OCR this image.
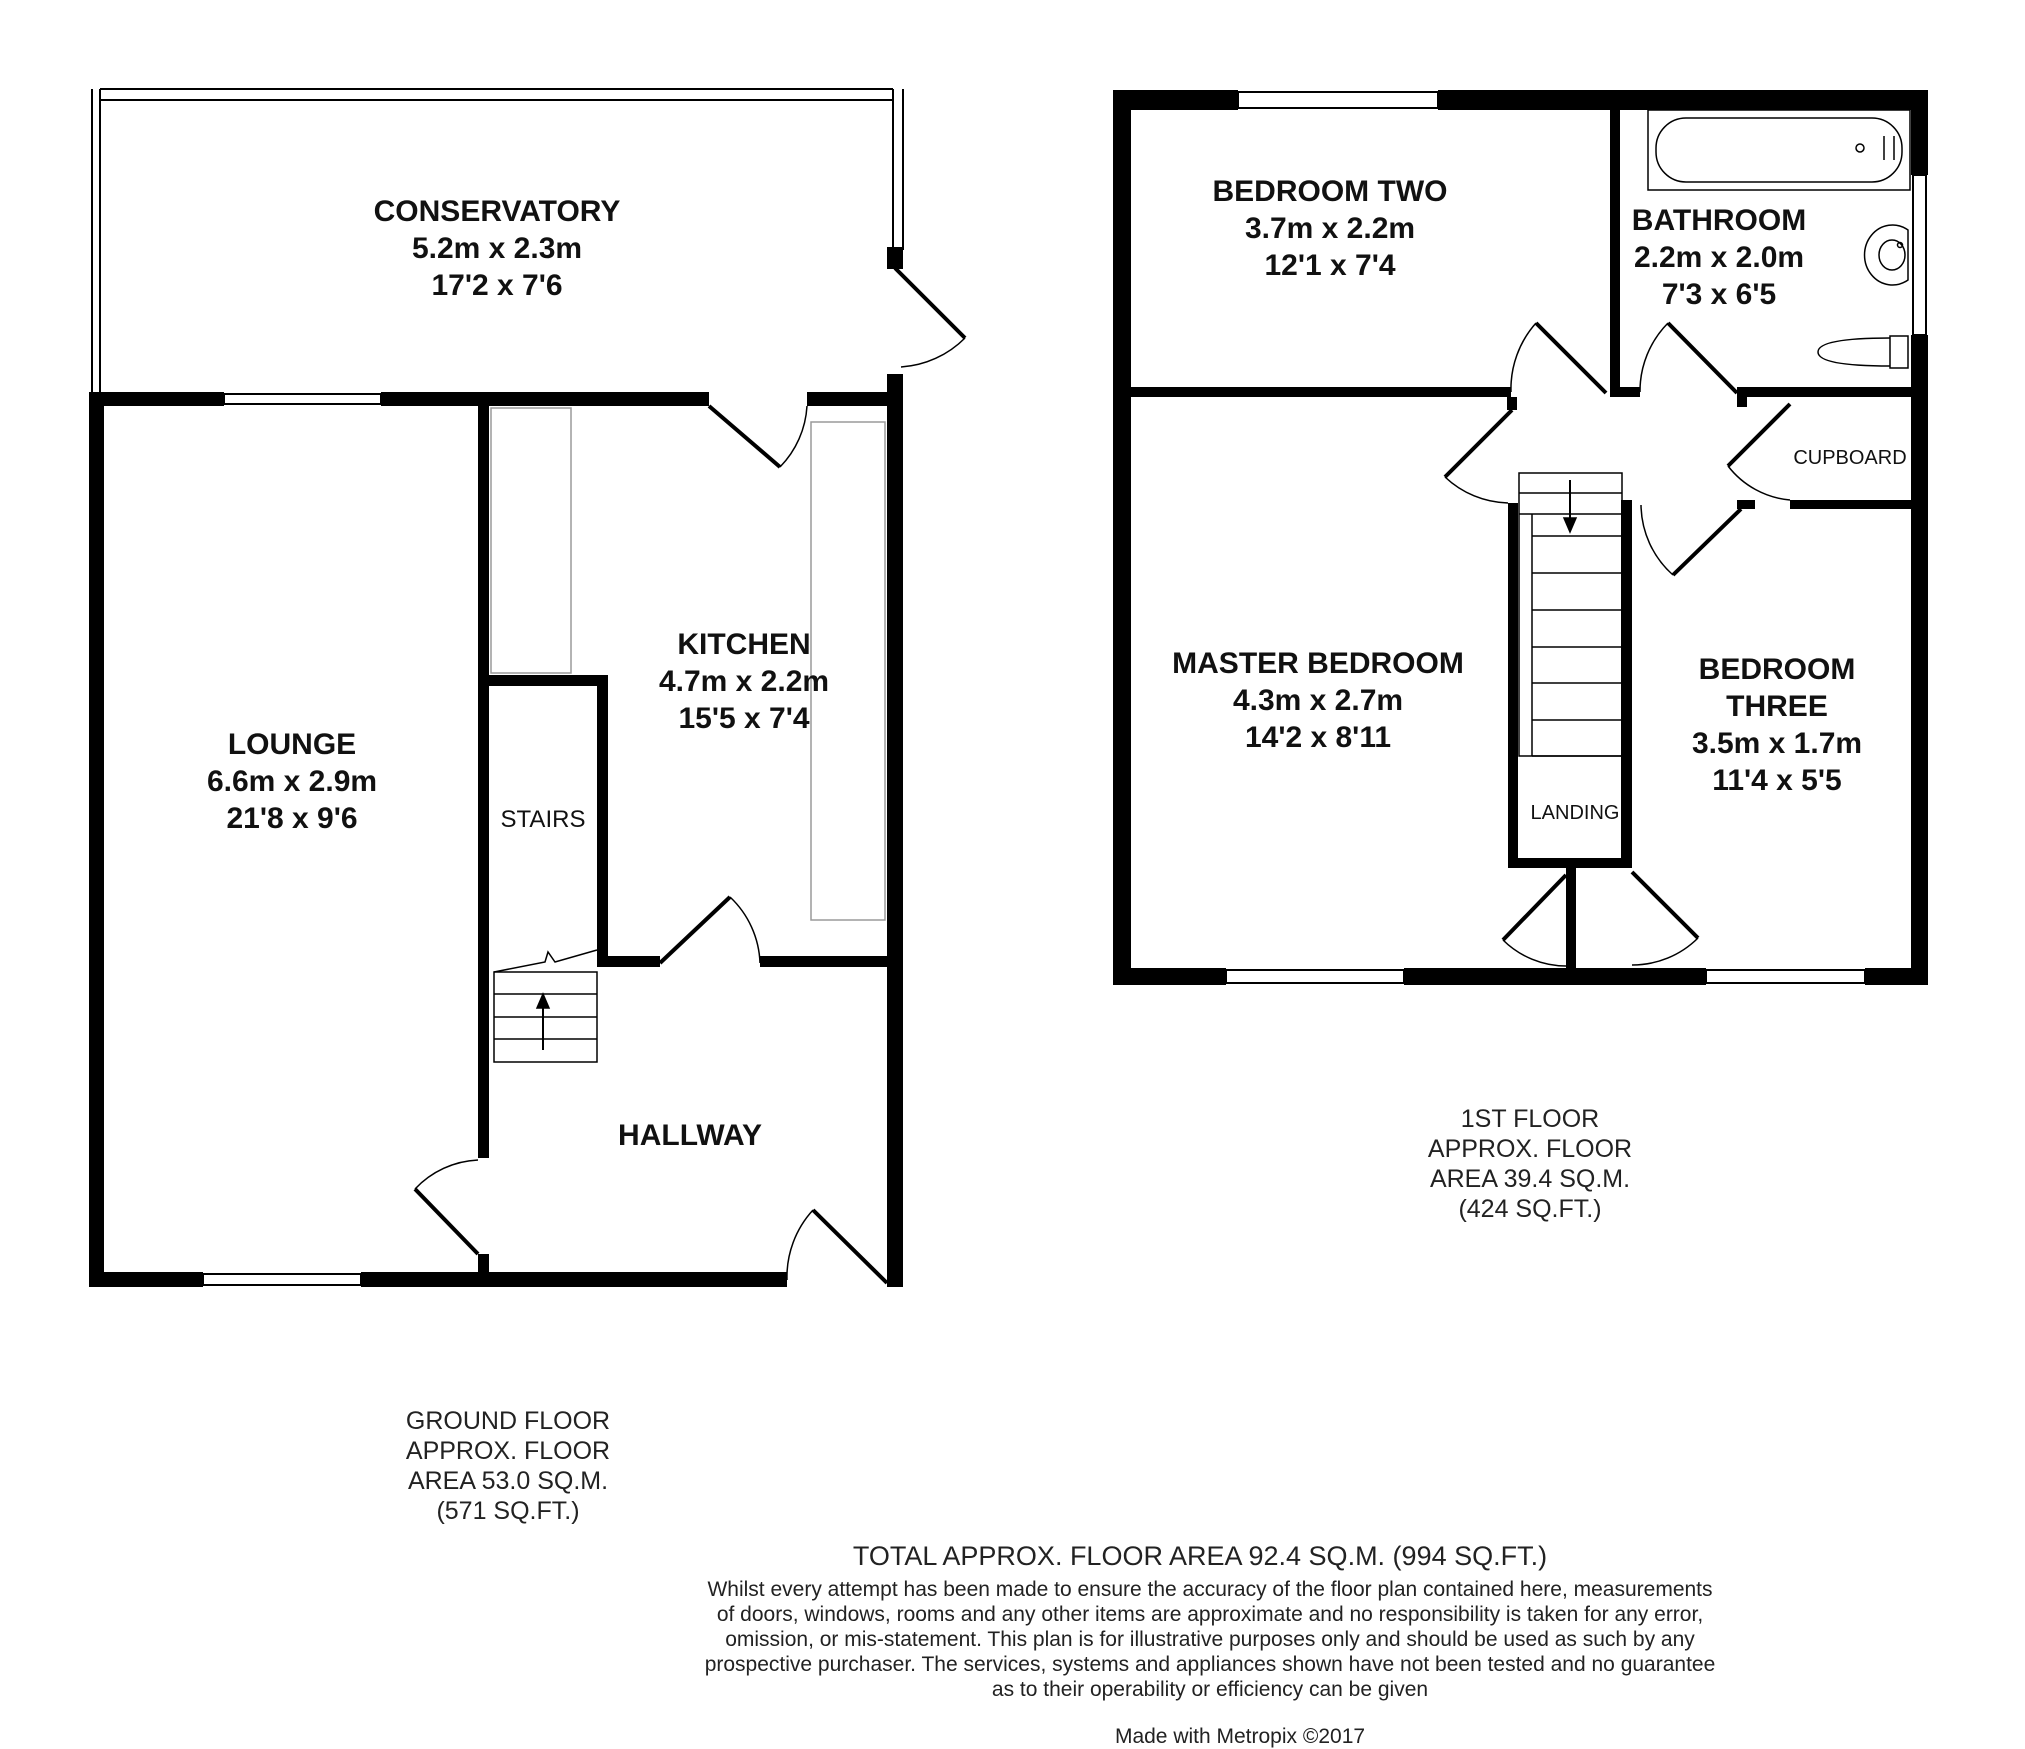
CONSERVATORY
5.2m x 2.3m
17'2 x 7'6
LOUNGE
6.6m x 2.9m
21'8 x 9'6
KITCHEN
4.7m x 2.2m
15'5 x 7'4
HALLWAY
STAIRS
BEDROOM TWO
3.7m x 2.2m
12'1 x 7'4
BATHROOM
2.2m x 2.0m
7'3 x 6'5
MASTER BEDROOM
4.3m x 2.7m
14'2 x 8'11
BEDROOM
THREE
3.5m x 1.7m
11'4 x 5'5
CUPBOARD
LANDING
1ST FLOOR
APPROX. FLOOR
AREA 39.4 SQ.M.
(424 SQ.FT.)
GROUND FLOOR
APPROX. FLOOR
AREA 53.0 SQ.M.
(571 SQ.FT.)
TOTAL APPROX. FLOOR AREA 92.4 SQ.M. (994 SQ.FT.)
Whilst every attempt has been made to ensure the accuracy of the floor plan contained here, measurements
of doors, windows, rooms and any other items are approximate and no responsibility is taken for any error,
omission, or mis-statement. This plan is for illustrative purposes only and should be used as such by any
prospective purchaser. The services, systems and appliances shown have not been tested and no guarantee
as to their operability or efficiency can be given
Made with Metropix ©2017
